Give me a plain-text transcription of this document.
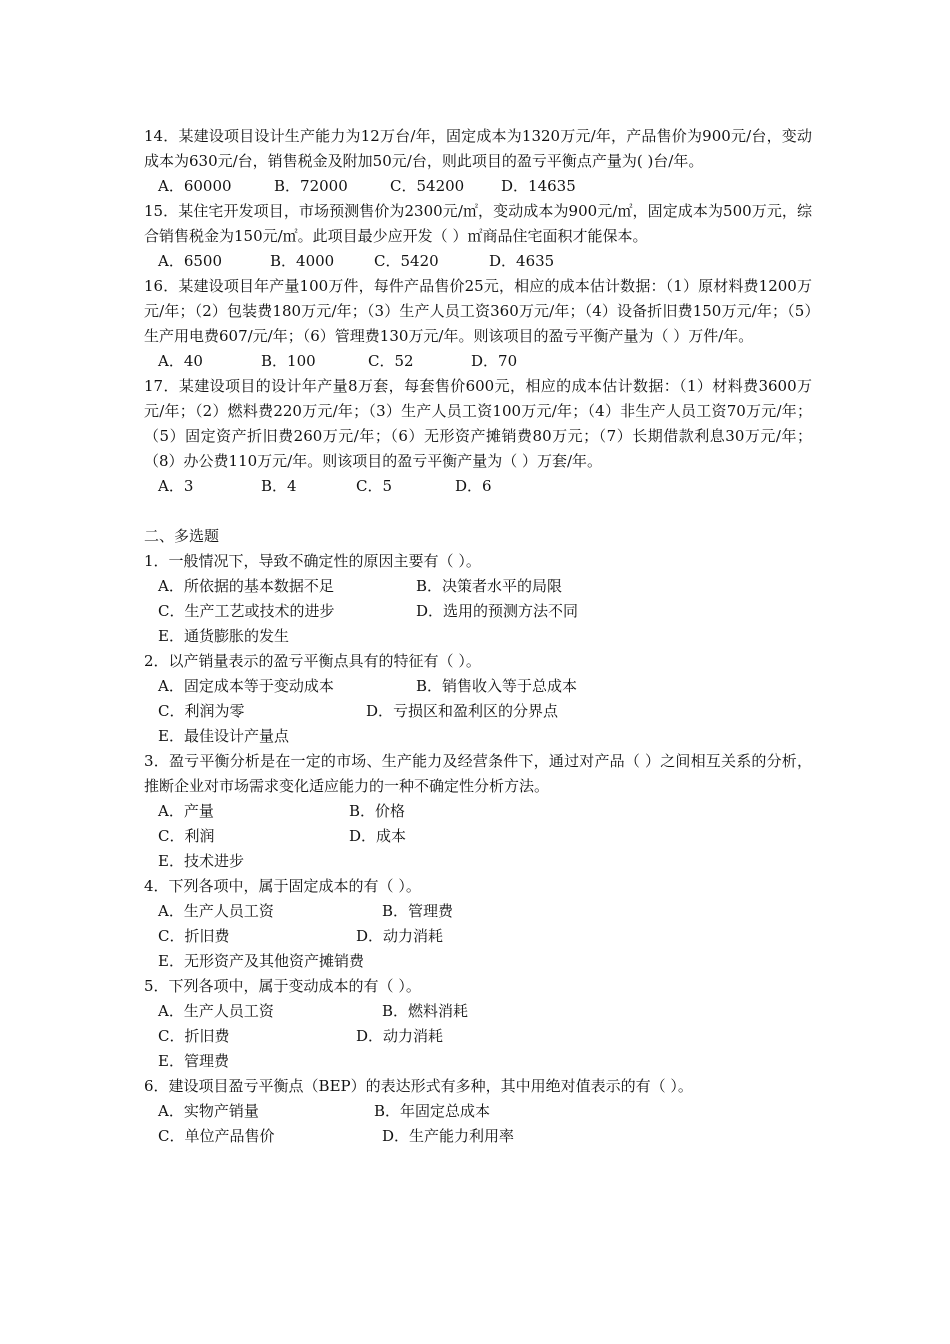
14．某建设项目设计生产能力为12万台/年，固定成本为1320万元/年，产品售价为900元/台，变动成本为630元/台，销售税金及附加50元/台，则此项目的盈亏平衡点产量为( )台/年。

A．60000	B．72000	C．54200 D．14635

15．某住宅开发项目，市场预测售价为2300元/㎡，变动成本为900元/㎡，固定成本为500万元，综合销售税金为150元/㎡。此项目最少应开发（ ）㎡商品住宅面积才能保本。

A．6500	B．4000	C．5420	D．4635

16．某建设项目年产量100万件，每件产品售价25元，相应的成本估计数据：（1）原材料费1200万元/年；（2）包装费180万元/年；（3）生产人员工资360万元/年；（4）设备折旧费150万元/年；（5）生产用电费607/元/年；（6）管理费130万元/年。则该项目的盈亏平衡产量为（ ）万件/年。

A．40	B．100	C．52	D．70

17．某建设项目的设计年产量8万套，每套售价600元，相应的成本估计数据：（1）材料费3600万元/年；（2）燃料费220万元/年；（3）生产人员工资100万元/年；（4）非生产人员工资70万元/年；（5）固定资产折旧费260万元/年；（6）无形资产摊销费80万元；（7）长期借款利息30万元/年；（8）办公费110万元/年。则该项目的盈亏平衡产量为（ ）万套/年。

A．3	B．4	C．5	D．6

二、多选题

1．一般情况下，导致不确定性的原因主要有（ ）。

A．所依据的基本数据不足	B．决策者水平的局限
C．生产工艺或技术的进步	D．选用的预测方法不同
E．通货膨胀的发生

2．以产销量表示的盈亏平衡点具有的特征有（ ）。

A．固定成本等于变动成本	B．销售收入等于总成本
C．利润为零	D．亏损区和盈利区的分界点
E．最佳设计产量点

3．盈亏平衡分析是在一定的市场、生产能力及经营条件下，通过对产品（ ）之间相互关系的分析，推断企业对市场需求变化适应能力的一种不确定性分析方法。

A．产量	B．价格
C．利润	D．成本
E．技术进步

4．下列各项中，属于固定成本的有（ ）。

A．生产人员工资	B．管理费
C．折旧费	D．动力消耗
E．无形资产及其他资产摊销费

5．下列各项中，属于变动成本的有（ ）。

A．生产人员工资	B．燃料消耗
C．折旧费	D．动力消耗
E．管理费

6．建设项目盈亏平衡点（BEP）的表达形式有多种，其中用绝对值表示的有（ ）。

A．实物产销量	B．年固定总成本
C．单位产品售价	D．生产能力利用率
